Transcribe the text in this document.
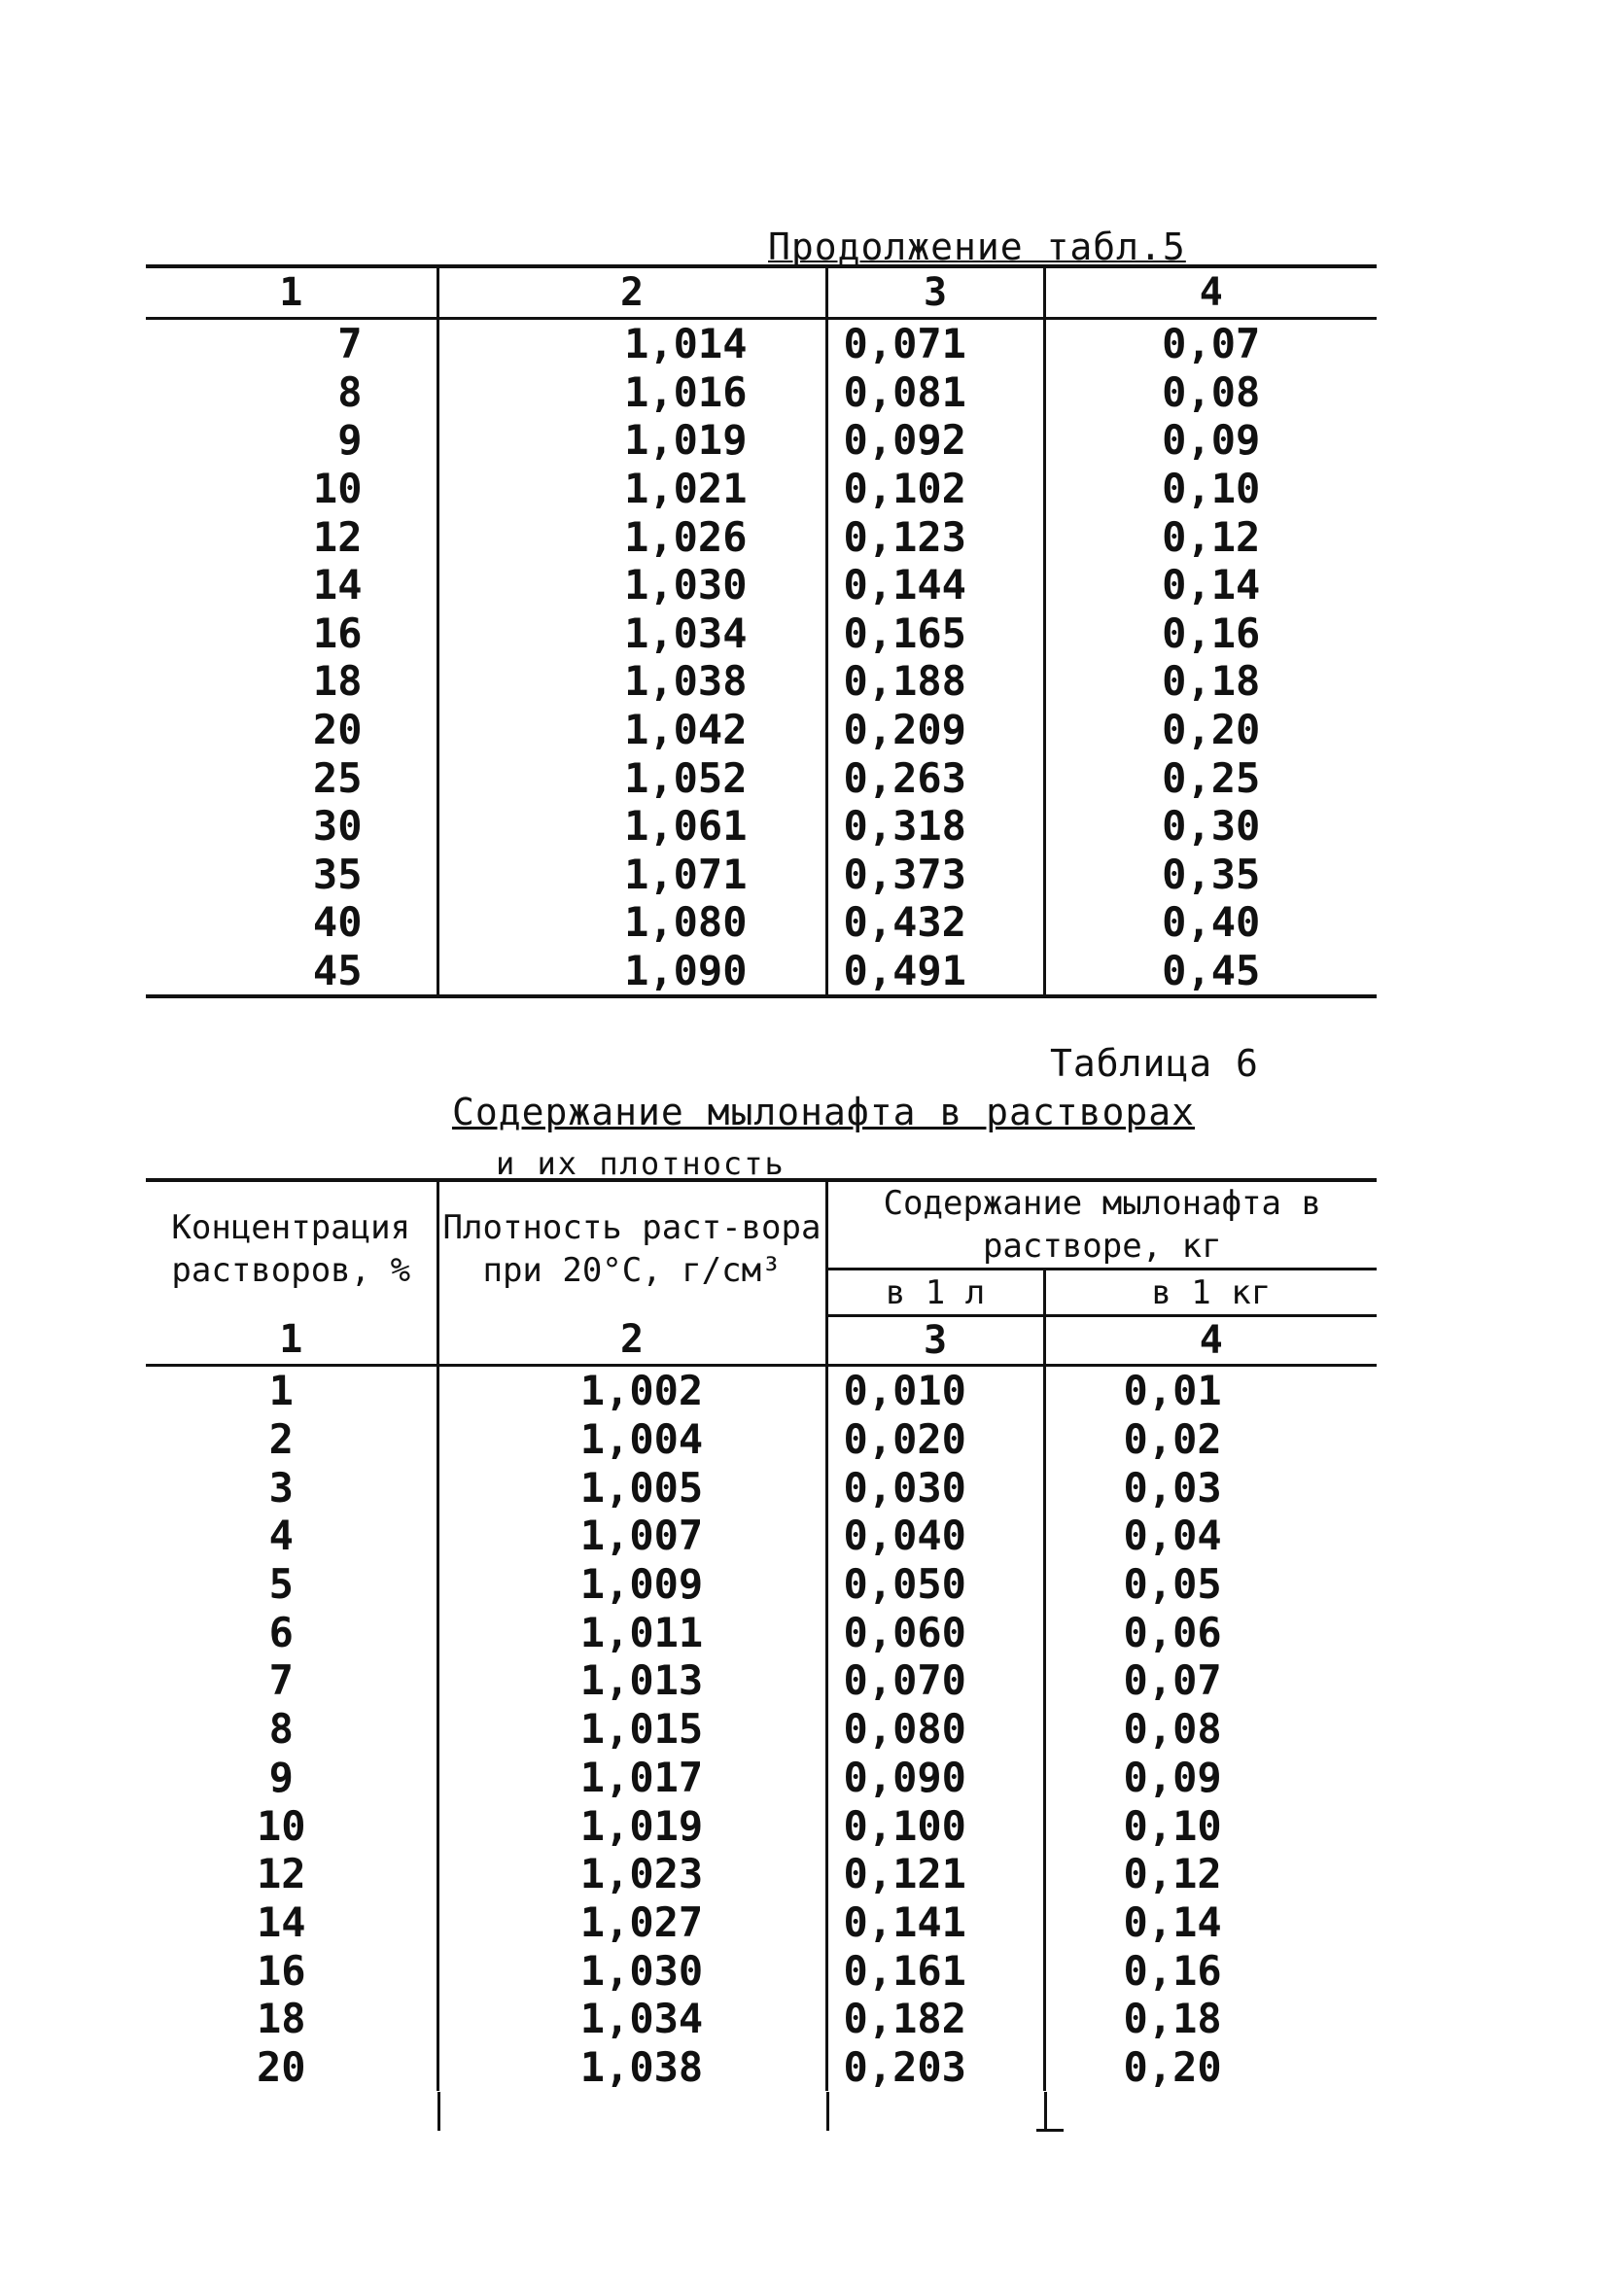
Продолжение табл.5
1	2	3	4
7	1,014	0,071	0,07
8	1,016	0,081	0,08
9	1,019	0,092	0,09
10	1,021	0,102	0,10
12	1,026	0,123	0,12
14	1,030	0,144	0,14
16	1,034	0,165	0,16
18	1,038	0,188	0,18
20	1,042	0,209	0,20
25	1,052	0,263	0,25
30	1,061	0,318	0,30
35	1,071	0,373	0,35
40	1,080	0,432	0,40
45	1,090	0,491	0,45
Таблица 6
Содержание мылонафта в растворах
и их плотность
Концентрация растворов, %	Плотность раст-вора при 20°C, г/см³	Содержание мылонафта в растворе, кг	
		в 1 л	в 1 кг
1	2	3	4
1	1,002	0,010	0,01
2	1,004	0,020	0,02
3	1,005	0,030	0,03
4	1,007	0,040	0,04
5	1,009	0,050	0,05
6	1,011	0,060	0,06
7	1,013	0,070	0,07
8	1,015	0,080	0,08
9	1,017	0,090	0,09
10	1,019	0,100	0,10
12	1,023	0,121	0,12
14	1,027	0,141	0,14
16	1,030	0,161	0,16
18	1,034	0,182	0,18
20	1,038	0,203	0,20
